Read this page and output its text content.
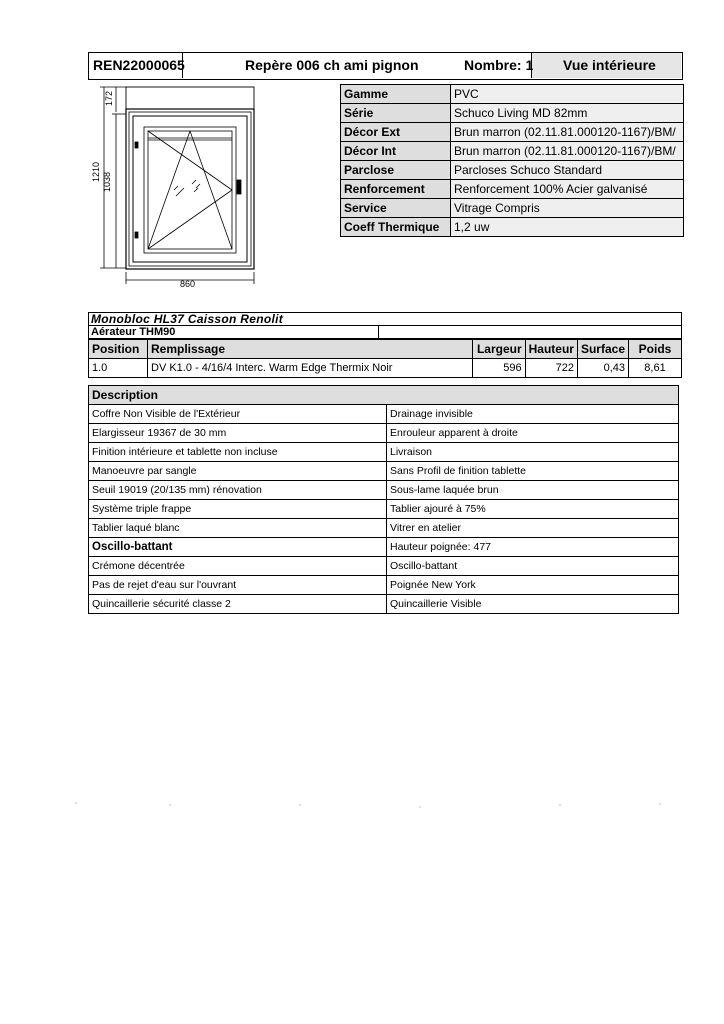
REN22000065	Repère 006 ch ami pignon	Nombre: 1 Vue intérieure
1210 1038
172
860
Gamme	PVC
Série	Schuco Living MD 82mm
Décor Ext	Brun marron (02.11.81.000120-1167)/BM/
Décor Int	Brun marron (02.11.81.000120-1167)/BM/
Parclose	Parcloses Schuco Standard
Renforcement	Renforcement 100% Acier galvanisé
Service	Vitrage Compris
Coeff Thermique	1,2 uw
Monobloc HL37 Caisson Renolit
Aérateur THM90
Position	Remplissage	Largeur	Hauteur	Surface	Poids
1.0	DV K1.0 - 4/16/4 Interc. Warm Edge Thermix Noir	596	722	0,43	8,61
Description	
Coffre Non Visible de l'Extérieur	Drainage invisible
Elargisseur 19367 de 30 mm	Enrouleur apparent à droite
Finition intérieure et tablette non incluse	Livraison
Manoeuvre par sangle	Sans Profil de finition tablette
Seuil 19019 (20/135 mm) rénovation	Sous-lame laquée brun
Système triple frappe	Tablier ajouré à 75%
Tablier laqué blanc	Vitrer en atelier
Oscillo-battant	Hauteur poignée: 477
Crémone décentrée	Oscillo-battant
Pas de rejet d'eau sur l'ouvrant	Poignée New York
Quincaillerie sécurité classe 2	Quincaillerie Visible
